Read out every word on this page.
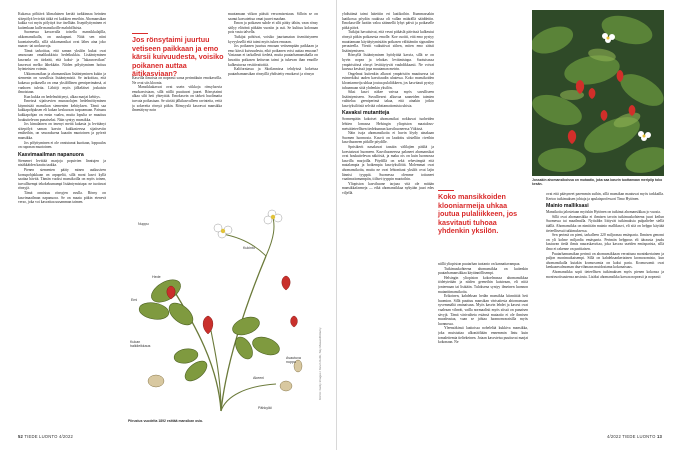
Kukassa pölttävä klimalainen kertää tarkkinnaa heinäen siitepölyä leviväät tätkä eri kukkien emeihin. Ahomansikan kukka voi myös pölyttyä itse itsellään. Itsepölyttyminen ei kuitenkaan kulle mansikoille mahdollisista.

Suomessa kasvavalla toisella mansikkalajilla, ukkomansikalla, on uuskupunt. Niitä sen niini kuontaisesellä, sillä ukkomansikat ovat lähes aina joko naaras- tai urokasvoja.

Tämä tarkoittaa, että saman yksilön kukat ovat amouoaan omalikukkisia hedeikukkia. Lisääntyminen kasvanla on tärkeää, että kaksi- ja "lakaurosvikan" kasvavat melko lähekkäin. Niiden pölyttyminen hoituu hyönteisten voimin.

Ukkomansikan ja ahomansikan lisääntyminen kukin ja siemenin on suvullista lisääntymistä. Se tarkoittaa, että kukassa poikasella on oma yksilöllinen geeniperimänsä, ai vanhoen tuletta. Lähtöjt myös jälkeläiset joskaisin ilmoistaan.

Kun kukka on hedelmöittynyt, alkaa marjat kehitys.

Emeissä sijaitsevien munasolujen hedelmöityminen käynnistää mansikan siementen kehityksen. Tämä saa kukkapohjuksen eli kukan keskuosan turpoamaan. Paisunu kukkapohjan on ensin vaalea, mutta lopulta se muuttuu houkuttelevan punaiseksi. Näin syntyy mansikka.

Jos kimalainen on imenyt mettä kukasta ja levittänyt siitepölyä saman kasvin kukkasieessa sijaitseviin emiheihin, on seurauksena kaaatin muotoinen ja pyöreä mansikka.

Jos pölyttyminen ei ole onnistunut kuottaan, loppuulos on ruponan muotoinen.

Kasvimaailman napanuora

Siemenet levittää marjoja popsivien linntujen ja nisäkkäiden kautta taakka.

Pienen siementen pääty minen uutkusiven korsupohjakkaan on arpapeliä, sillä moni kasvi kyllä saattaa hävitä. Tämän vuoksi mansikoilla on myös toinen, turvallisempi tekokekumampi lisääntymistapa: ne tuottavat rönsyjä.

Tämä onnistuu rönsyjen avulla. Rönsy on kasvimaailman napanuora. Se on maata pitkin etenevä verso, joka voi kasvattaa uusamman taimen.

Jos rönsytaimi juurtuu vetiseen paikkaan ja emo kärsii kuivuudesta, voisiko poikanen auttaa äitikasviaan?

Kasvilla ilmoista on nopeasti saraa perimäkuin emokasvilla. Ne ovat siis kloonia.

Mansikkakasvat ovat usein viikkoja rönsyluovia emokasvistaan, sillä niillä puuttuvat juuret. Rönsytaimi alkaa silti heti yhteyttää. Emokasvin on tärkeä huolimatta turvata poikastaan. Se siirtää jälkikasvulleen ravinteita, vettä ja sokereita rönsyä pitkin. Rönsyyslä kasvavat mansikka ilmenäiyny noin

muotamaan viikon päästä versomisestaan. Silloin se on saanut kasvatettua omat juuret maahan.

Emon ja poikasen suhde ei silti pääty tähän, vaan rönsy säilyy elävänä pitkään vuosiin ja asti. Se kulttuu kolonaan pois vasta talvella.

Tutkijat pohtivat, voisiko juurtumatun itsenäistyneen kyvyyksellä että taimi myös tukea emoaan.

Jos poikanen juurtuu emoaan vetisempään paikkaan ja emo kärsii kuivuudesta, eikö poikanen voisi auttaa emoaan? Vastaaun ei tarkallesti tiedetä, mutta puutarhamansikalla on havaittu poikasen keituvan taimi ja tukevan ihan emoille kulkeutuvaa vesitiivattoitiä.

Kaliforniassa ja Skotlannissa tehdyissä kokeissa puutarhamansikan rönsyillä yhdistetty emokasvi ja rönsyn

Kukinto
Nuppu
Hede
Emi
Kukan halkileikkaus
Akeeni
Avautuva nuppu
Pähkyläi
Piirustus vuodelta 1892 esittää mansikan osia.
KUVA: Getty Images / Kevin Kolbi, Sky Maxwell/Alamy
52 TIEDE LUONTO 4/2022

yhdistämä taimi laitettiin eri laatikoihin. Kummassakin laatikossa pöydän ruukissa oli vallan määrällä sääddetiin. Emokasville luotiin valoa säännellä lyhyt päivä ja poikaselle pitkä päivä.

Tutkijat havaitsivat, että vesni pitkäslä päivässä kulkeutui rönsyä pitkin poikasesta emolle. Koe osoitti, että emo pystyy muuttamaan käyttäytymistään poikasen välittämiin signaalien perusteella. Viestit vaikuttivat siihen, miten emo säästi lisääntymiseen.

Rönsyllä lisääntyminen hyödyttää kasvia, sillä se on hyvin nopea ja tehokas leviämistapa. Suotuisassa ympäristössä rönsyt levittäytyvät vauhdikkaasti. Ne voivat kuvuua kesässä jopa muutaman metrin.

Ongelmat kuitenkin alkavat ympäristön muuttuessa tai esimerkiksi uuden kasvitaudin uhatessa. Koko mansikoiden klooniarmeija uhkaa joutua pulaliikkeen, jos kasvitauti pystyy tuhoamaan siitä yhdenkin yksilön.

Siksi kasvi näkee vaivaa myös suvulliseen lisääntymiseen. Suvulliesest alkuvaa saaneiden taimien vaihtelua geeniperimä takaa, että ainakin jotkin kasviyksilöistä selviää odottamattomista uhista.

Kavaksi mutantteja

Sormenpään kokoiset ahomansikat nokkuvat tuoheiden lehtien lomassa Helsingin yliopiston maatalous-metsätieteellisen tiedekunnan kasvihuoneessa Viikissä.

Näin isoja ahomansikoita ei huvin löydy ainakaan Suomen luonnosta. Kasvit on laadottu siistelliin riveihin kasvihuoneen pitkille pöydille.

Sprisikerit nasakavat taasäin välilajien pääliä ja koestutuvat huomeen. Kasvihuoneessa palaneet ahomansikat ovat houkuttelevaa näköisiä, ja maku ois on kuin luonnossa kasvilla marjoilla. Pöydillä on sekä rehevämpiä että matalampia ja hoikempia kasviyksilöitä. Molemmat ovat ahomansikoita, mutta ne ovat lehtonitaat yksilöt ovat lajin lännisi tyyppiä. Suomessa olemme tottuneet vaatimattomampiin, tiiliset tyyppin muotoihin.

Yliopiston kasvihuone tarjoaa vitä ole mitään mansikkafarmeja — eikä ahomansikkaa nykyään juuri edes viljellä.	Koko mansikkoiden klooniarmeija uhkaa joutua pulaliikkeen, jos kasvitauti tuhoaa yhdenkin yksilön.

niillä yliopiston puutarhan tuotanto on kannattavampaa.

Tutkimuskohteena ahomansikka on kuitenkin puutarhamansikkaa käytännöllisempi.

Helsingin yliopiston kokoelmassa ahomansikkaa tödetytetään ja niiden geeneihin kaisteaan, eli niitä jonteenaan tai lisätään. Tuloksena syntyy ilmeinen luonnon mutanttimansikoita.

Erikoinen, kahdeksan hedän mansikka kiinnittää heti huomion. Sillä puuttuu mansikan värisatiesta ahtomansaan syvemmältä ominaisuus. Myös kasvin lehdet ja kasvut ovat vaaleaan vihreät, vailla normaalisti myös siissä on punaisen sävyjä. Tämä värivaiheta estänsä mutaatio ei ole ihmisen muodeastaa, vaan se johtaa luonnonvaraisilla myös luonnossa.

Yleensäkinsä laattoissa nobelelää kukkiva mansikka, joka muistuttaa ulkonäöltään ennemmin lintu kuin tomalettemia tieltekeinen. Jotaan kasvsteisa puuttuvat marjat kokonaan. Ne

Jossakin ahomansikoissa on mutaatio, joka saa kasvin tuottamaan meripiip toko kesän.

ovat että pääsyneet paremmin suihin, sillä mansikan maatuvat myös tarkkailla. Kertoo tutkimuksen johtaja ja apulaisprofessori Timo Hytönen.

Mainio malliksasi

Mansikoita jalostetaan myöskin Hytönen on tutkinut ahomansikkaa jo vuosia.

Sillä ovat ahomansikka ei ihmisen tavoin tutkimuskohteena juuri keilun Suomessa tai maailmalla. Nytialdin liittyvät tutkimuksia pulpaltelee siellä täällä. Ahomansikka on nimittäin mainio mallikasvi, eli sitä on helppo käyttää tieteellisessä tutkimuksessa.

Sen perimä on pieni, tarkalleen 220 miljoonaa emäsparia. Ihmisen genomi on yli kolme miljardia emäsparia. Perimän helppous eli äärausta joudu kastuvan tiedä ihmis nauraskasvitaa, joka kasvaa useiden emäsparista, sillä ilmo ei rakenne on paritiaisen.

Puutarhamansikan perimä on ahomansikkaan verrattuna moninkertainen ja paljon monimutkaisempi. Sillä on kahdeksankertainen kromosomisto, kun ahomansikalla kutakin kromosomia on kaksi paria. Kromosomit ovat kenkaanvalmoman dna-rihmaan mutdostama kokonaisuus.

Ahomansikka sopii tieteellisen tutkimuksen myös pienen kokonsa ja monivuotisuutensa ansiosta. Lisäksi ahomansikka kasvaa nopeasti ja nopeasti

4/2022 TIEDE LUONTO 13
